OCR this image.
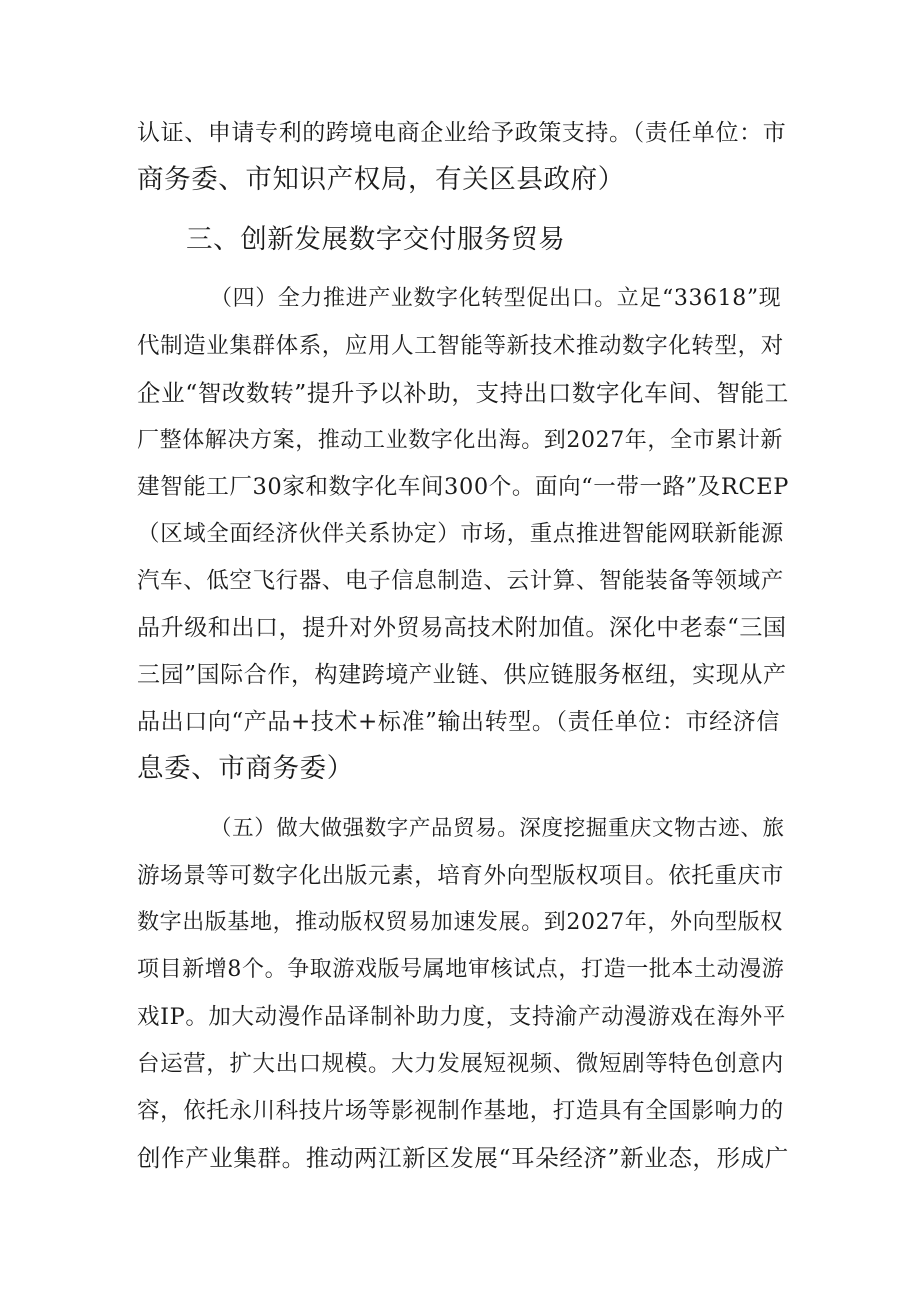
认证、申请专利的跨境电商企业给予政策支持。（责任单位：市
商务委、市知识产权局，有关区县政府）
三、创新发展数字交付服务贸易
（四）全力推进产业数字化转型促出口。立足“33618”现
代制造业集群体系，应用人工智能等新技术推动数字化转型，对
企业“智改数转”提升予以补助，支持出口数字化车间、智能工
厂整体解决方案，推动工业数字化出海。到2027年，全市累计新
建智能工厂30家和数字化车间300个。面向“一带一路”及RCEP
（区域全面经济伙伴关系协定）市场，重点推进智能网联新能源
汽车、低空飞行器、电子信息制造、云计算、智能装备等领域产
品升级和出口，提升对外贸易高技术附加值。深化中老泰“三国
三园”国际合作，构建跨境产业链、供应链服务枢纽，实现从产
品出口向“产品+技术+标准”输出转型。（责任单位：市经济信
息委、市商务委）
（五）做大做强数字产品贸易。深度挖掘重庆文物古迹、旅
游场景等可数字化出版元素，培育外向型版权项目。依托重庆市
数字出版基地，推动版权贸易加速发展。到2027年，外向型版权
项目新增8个。争取游戏版号属地审核试点，打造一批本土动漫游
戏IP。加大动漫作品译制补助力度，支持渝产动漫游戏在海外平
台运营，扩大出口规模。大力发展短视频、微短剧等特色创意内
容，依托永川科技片场等影视制作基地，打造具有全国影响力的
创作产业集群。推动两江新区发展“耳朵经济”新业态，形成广
